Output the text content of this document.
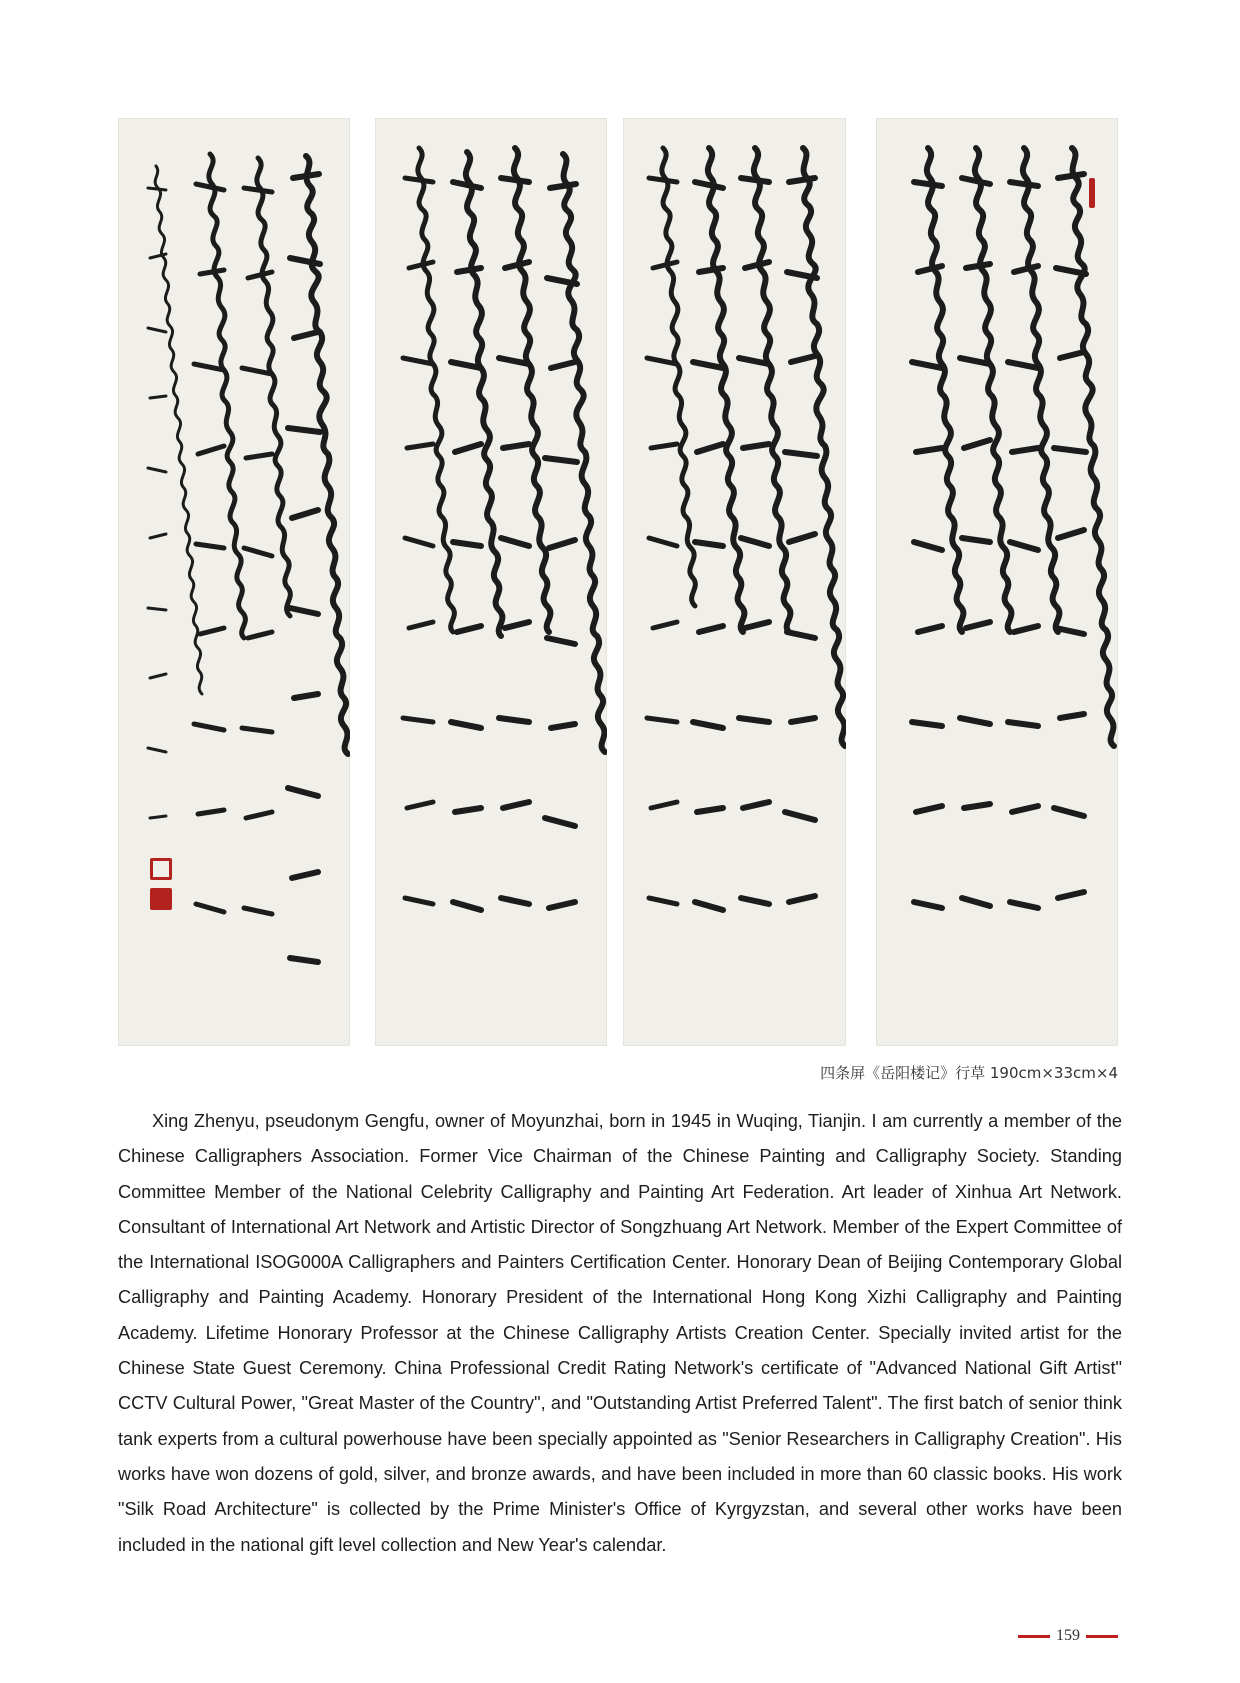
四条屏《岳阳楼记》行草 190cm×33cm×4

Xing Zhenyu, pseudonym Gengfu, owner of Moyunzhai, born in 1945 in Wuqing, Tianjin. I am currently a member of the Chinese Calligraphers Association. Former Vice Chairman of the Chinese Painting and Calligraphy Society. Standing Committee Member of the National Celebrity Calligraphy and Painting Art Federation. Art leader of Xinhua Art Network. Consultant of International Art Network and Artistic Director of Songzhuang Art Network. Member of the Expert Committee of the International ISOG000A Calligraphers and Painters Certification Center. Honorary Dean of Beijing Contemporary Global Calligraphy and Painting Academy. Honorary President of the International Hong Kong Xizhi Calligraphy and Painting Academy. Lifetime Honorary Professor at the Chinese Calligraphy Artists Creation Center. Specially invited artist for the Chinese State Guest Ceremony. China Professional Credit Rating Network's certificate of "Advanced National Gift Artist" CCTV Cultural Power, "Great Master of the Country", and "Outstanding Artist Preferred Talent". The first batch of senior think tank experts from a cultural powerhouse have been specially appointed as "Senior Researchers in Calligraphy Creation". His works have won dozens of gold, silver, and bronze awards, and have been included in more than 60 classic books. His work "Silk Road Architecture" is collected by the Prime Minister's Office of Kyrgyzstan, and several other works have been included in the national gift level collection and New Year's calendar.

159
